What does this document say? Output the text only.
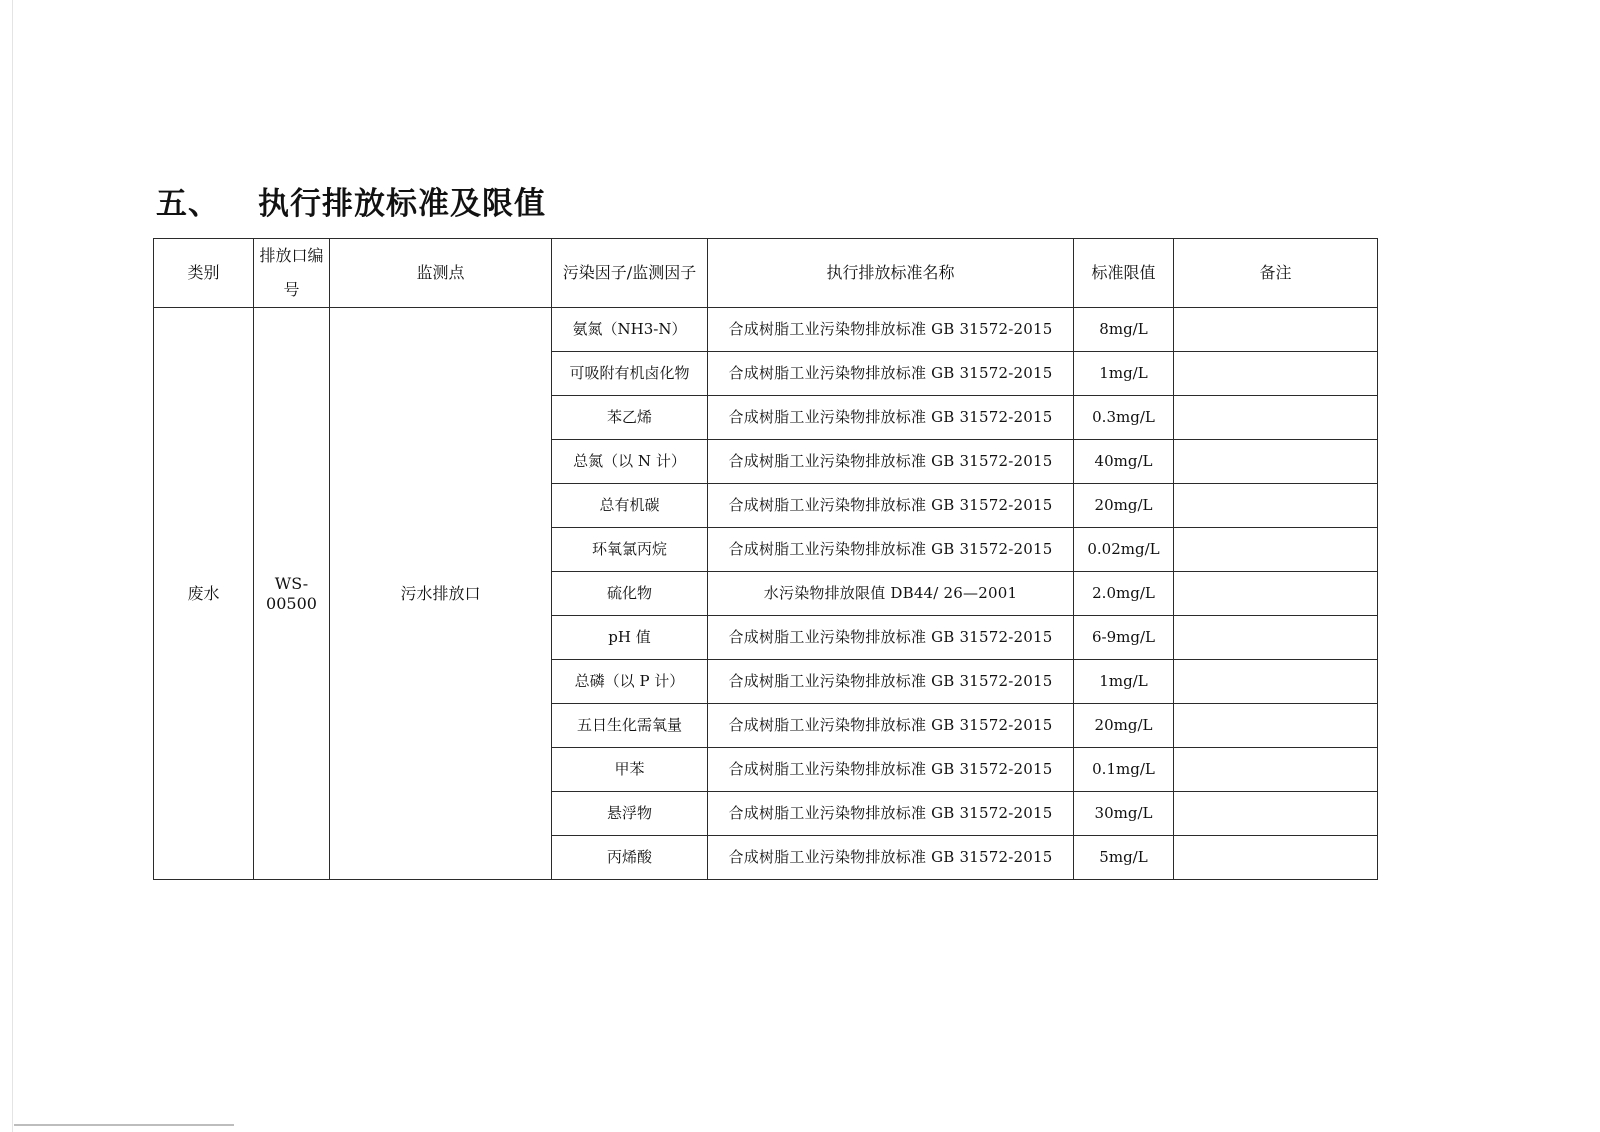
五、 执行排放标准及限值
类别	排放口编号	监测点	污染因子/监测因子	执行排放标准名称	标准限值	备注
废水	WS-00500	污水排放口	氨氮（NH3-N）	合成树脂工业污染物排放标准 GB 31572-2015	8mg/L	
			可吸附有机卤化物	合成树脂工业污染物排放标准 GB 31572-2015	1mg/L	
			苯乙烯	合成树脂工业污染物排放标准 GB 31572-2015	0.3mg/L	
			总氮（以 N 计）	合成树脂工业污染物排放标准 GB 31572-2015	40mg/L	
			总有机碳	合成树脂工业污染物排放标准 GB 31572-2015	20mg/L	
			环氧氯丙烷	合成树脂工业污染物排放标准 GB 31572-2015	0.02mg/L	
			硫化物	水污染物排放限值 DB44/ 26—2001	2.0mg/L	
			pH 值	合成树脂工业污染物排放标准 GB 31572-2015	6-9mg/L	
			总磷（以 P 计）	合成树脂工业污染物排放标准 GB 31572-2015	1mg/L	
			五日生化需氧量	合成树脂工业污染物排放标准 GB 31572-2015	20mg/L	
			甲苯	合成树脂工业污染物排放标准 GB 31572-2015	0.1mg/L	
			悬浮物	合成树脂工业污染物排放标准 GB 31572-2015	30mg/L	
			丙烯酸	合成树脂工业污染物排放标准 GB 31572-2015	5mg/L	
